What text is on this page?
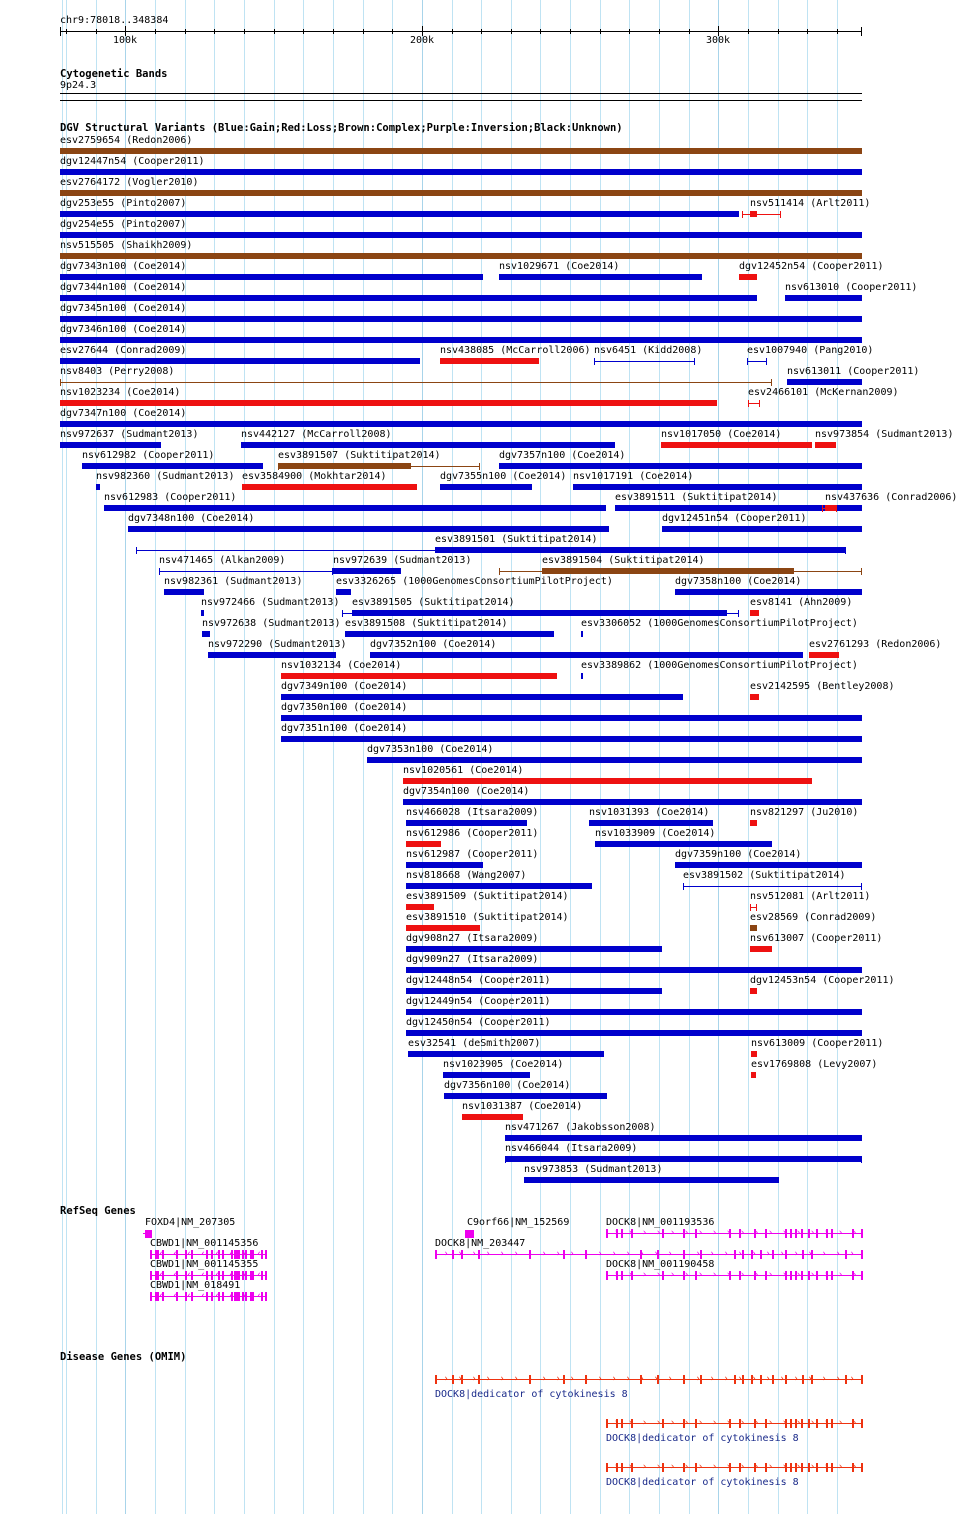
chr9:78018..348384
100k	200k	300k
Cytogenetic Bands
9p24.3
DGV Structural Variants (Blue:Gain;Red:Loss;Brown:Complex;Purple:Inversion;Black:Unknown)
esv2759654 (Redon2006)
dgv12447n54 (Cooper2011)
esv2764172 (Vogler2010)
dgv253e55 (Pinto2007)	nsv511414 (Arlt2011)
dgv254e55 (Pinto2007)
nsv515505 (Shaikh2009)
dgv7343n100 (Coe2014)	nsv1029671 (Coe2014)	dgv12452n54 (Cooper2011)
dgv7344n100 (Coe2014)	nsv613010 (Cooper2011)
dgv7345n100 (Coe2014)
dgv7346n100 (Coe2014)
esv27644 (Conrad2009)	nsv438085 (McCarroll2006) nsv6451 (Kidd2008)	esv1007940 (Pang2010)
nsv8403 (Perry2008)	nsv613011 (Cooper2011)
nsv1023234 (Coe2014)	esv2466101 (McKernan2009)
dgv7347n100 (Coe2014)
nsv972637 (Sudmant2013)	nsv442127 (McCarroll2008)	nsv1017050 (Coe2014)	nsv973854 (Sudmant2013)
nsv612982 (Cooper2011)	esv3891507 (Suktitipat2014)	dgv7357n100 (Coe2014)
nsv982360 (Sudmant2013) esv3584900 (Mokhtar2014)	dgv7355n100 (Coe2014) nsv1017191 (Coe2014)
nsv612983 (Cooper2011)	esv3891511 (Suktitipat2014)	nsv437636 (Conrad2006)
dgv7348n100 (Coe2014)	dgv12451n54 (Cooper2011)
esv3891501 (Suktitipat2014)
nsv471465 (Alkan2009)	nsv972639 (Sudmant2013)	esv3891504 (Suktitipat2014)
nsv982361 (Sudmant2013)	esv3326265 (1000GenomesConsortiumPilotProject)	dgv7358n100 (Coe2014)
nsv972466 (Sudmant2013) esv3891505 (Suktitipat2014)	esv8141 (Ahn2009)
nsv972638 (Sudmant2013) esv3891508 (Suktitipat2014)	esv3306052 (1000GenomesConsortiumPilotProject)
nsv972290 (Sudmant2013) dgv7352n100 (Coe2014)	esv2761293 (Redon2006)
nsv1032134 (Coe2014)	esv3389862 (1000GenomesConsortiumPilotProject)
dgv7349n100 (Coe2014)	esv2142595 (Bentley2008)
dgv7350n100 (Coe2014)
dgv7351n100 (Coe2014)
dgv7353n100 (Coe2014)
nsv1020561 (Coe2014)
dgv7354n100 (Coe2014)
nsv466028 (Itsara2009)	nsv1031393 (Coe2014)	nsv821297 (Ju2010)
nsv612986 (Cooper2011)	nsv1033909 (Coe2014)
nsv612987 (Cooper2011)	dgv7359n100 (Coe2014)
nsv818668 (Wang2007)	esv3891502 (Suktitipat2014)
esv3891509 (Suktitipat2014)	nsv512081 (Arlt2011)
esv3891510 (Suktitipat2014)	esv28569 (Conrad2009)
dgv908n27 (Itsara2009)	nsv613007 (Cooper2011)
dgv909n27 (Itsara2009)
dgv12448n54 (Cooper2011)	dgv12453n54 (Cooper2011)
dgv12449n54 (Cooper2011)
dgv12450n54 (Cooper2011)
esv32541 (deSmith2007)	nsv613009 (Cooper2011)
nsv1023905 (Coe2014)	esv1769808 (Levy2007)
dgv7356n100 (Coe2014)
nsv1031387 (Coe2014)
nsv471267 (Jakobsson2008)
nsv466044 (Itsara2009)
nsv973853 (Sudmant2013)
RefSeq Genes
FOXD4|NM_207305
CBWD1|NM_001145356
‹ ‹ ‹ ‹ ‹ ‹ ‹ ‹
CBWD1|NM_001145355
‹ ‹ ‹ ‹ ‹ ‹ ‹ ‹
CBWD1|NM_018491
‹ ‹ ‹ ‹ ‹ ‹ ‹ ‹
C9orf66|NM_152569
DOCK8|NM_203447
› › › › › › › › › › › › › › › › › › › › › › › › › › › › › ›
DOCK8|NM_001193536
› › › › › › › › › › › › › › › › › ›
DOCK8|NM_001190458
› › › › › › › › › › › › › › › › › ›
Disease Genes (OMIM)
› › › › › › › › › › › › › › › › › › › › › › › › › › › › › ›
DOCK8|dedicator of cytokinesis 8
› › › › › › › › › › › › › › › › › ›
DOCK8|dedicator of cytokinesis 8
› › › › › › › › › › › › › › › › › ›
DOCK8|dedicator of cytokinesis 8
